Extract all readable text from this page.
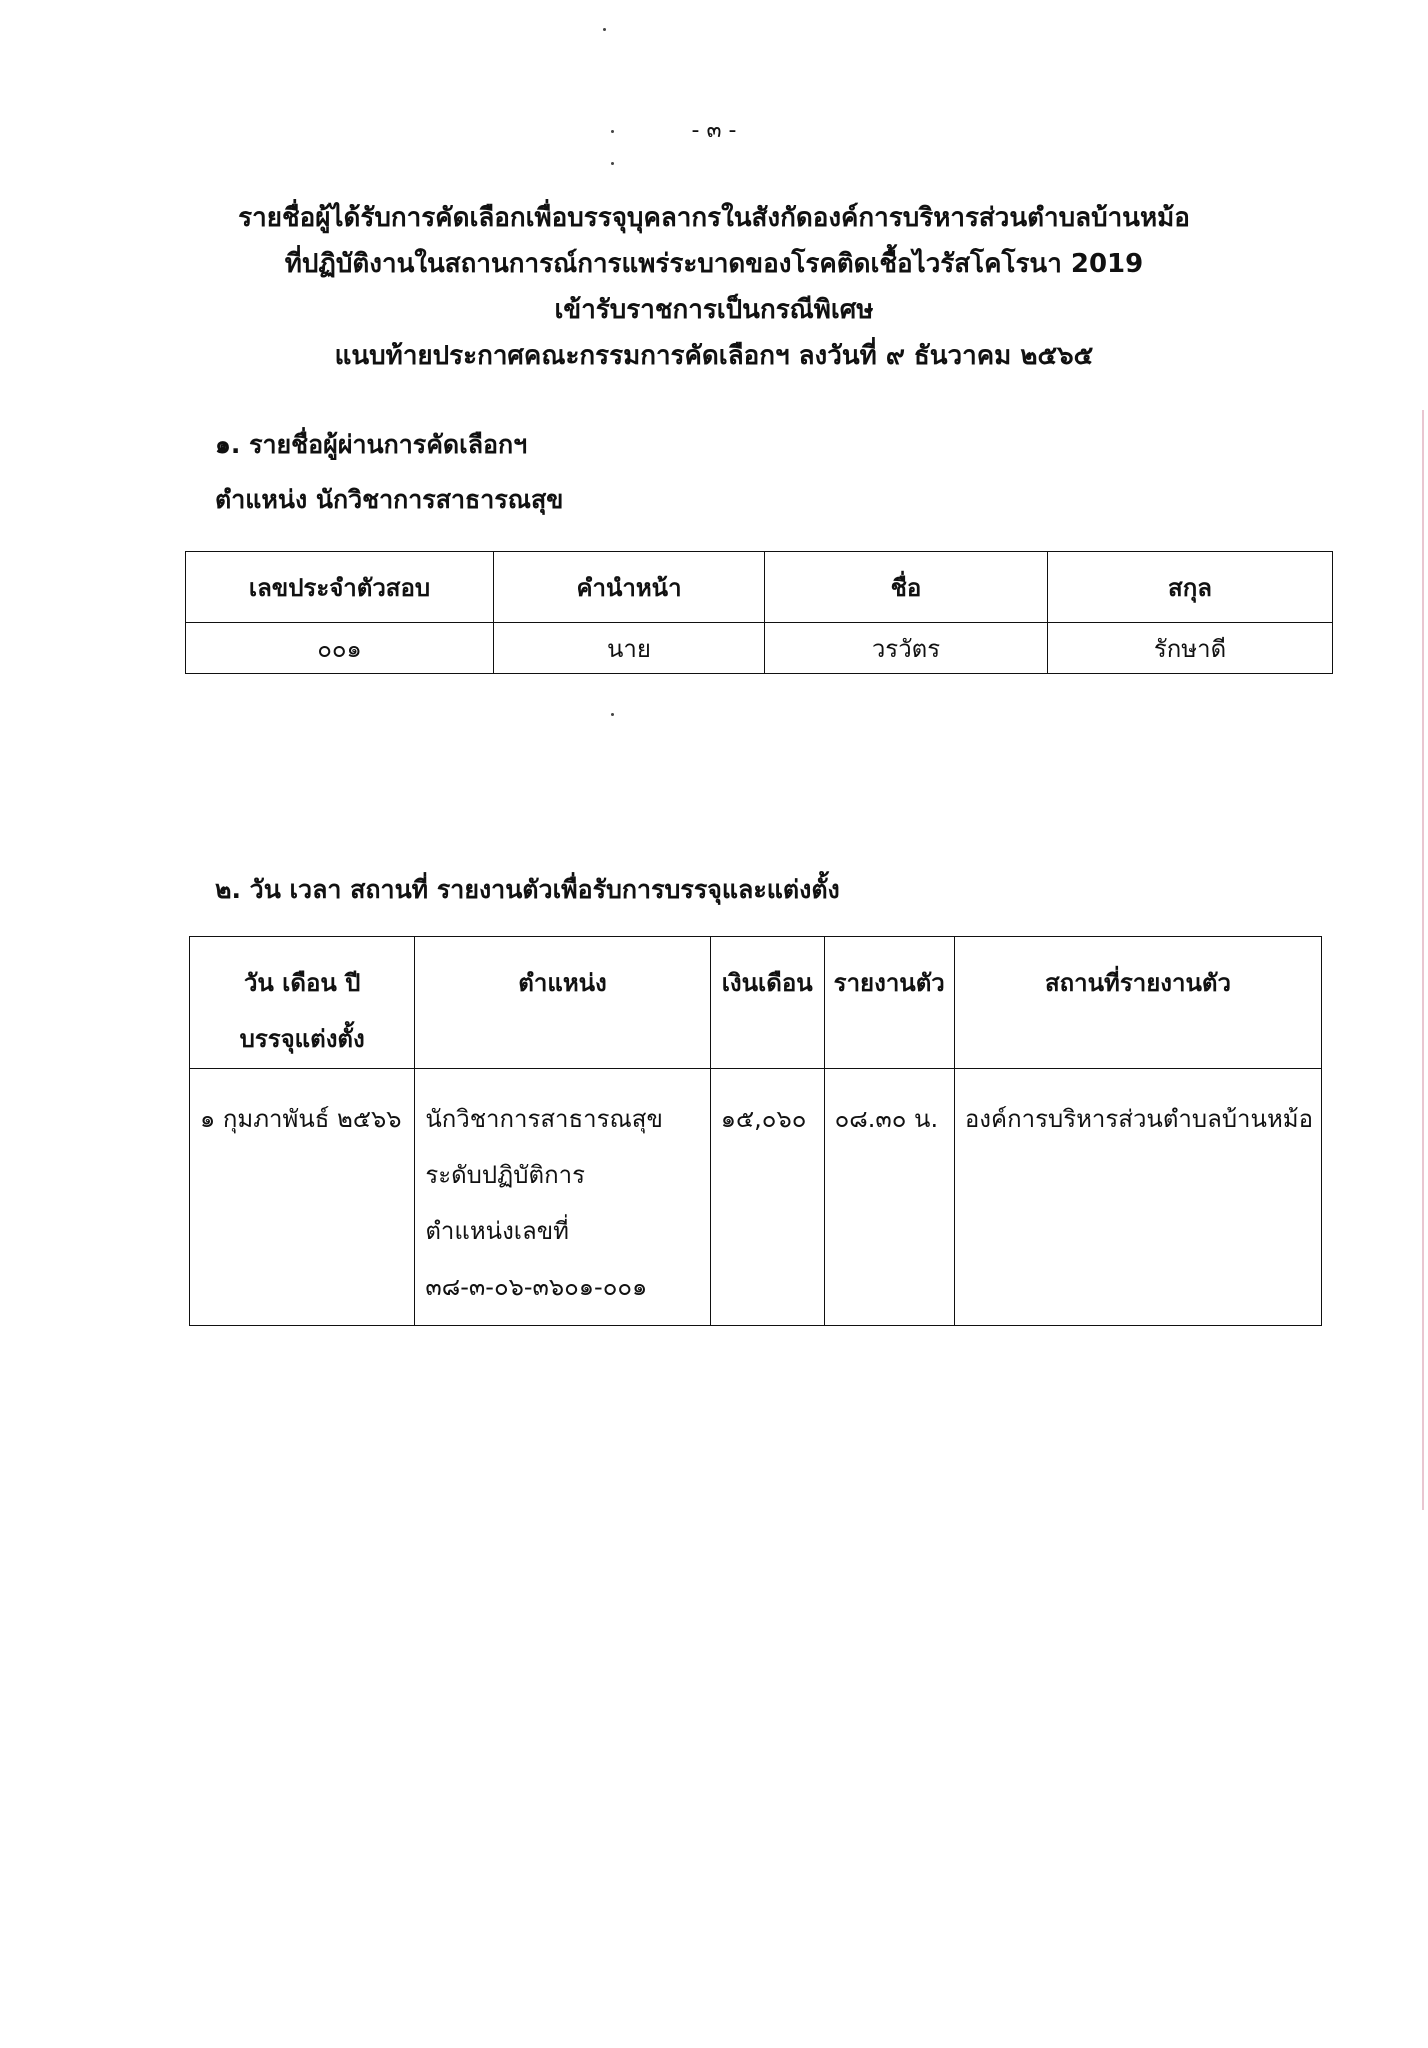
- ๓ -
รายชื่อผู้ได้รับการคัดเลือกเพื่อบรรจุบุคลากรในสังกัดองค์การบริหารส่วนตำบลบ้านหม้อ
ที่ปฏิบัติงานในสถานการณ์การแพร่ระบาดของโรคติดเชื้อไวรัสโคโรนา 2019
เข้ารับราชการเป็นกรณีพิเศษ
แนบท้ายประกาศคณะกรรมการคัดเลือกฯ ลงวันที่ ๙ ธันวาคม ๒๕๖๕
๑. รายชื่อผู้ผ่านการคัดเลือกฯ
ตำแหน่ง นักวิชาการสาธารณสุข
เลขประจำตัวสอบ	คำนำหน้า	ชื่อ	สกุล
๐๐๑	นาย	วรวัตร	รักษาดี
๒. วัน เวลา สถานที่ รายงานตัวเพื่อรับการบรรจุและแต่งตั้ง
วัน เดือน ปี
บรรจุแต่งตั้ง	ตำแหน่ง	เงินเดือน	รายงานตัว	สถานที่รายงานตัว
๑ กุมภาพันธ์ ๒๕๖๖	นักวิชาการสาธารณสุข
ระดับปฏิบัติการ
ตำแหน่งเลขที่
๓๘-๓-๐๖-๓๖๐๑-๐๐๑	๑๕,๐๖๐	๐๘.๓๐ น.	องค์การบริหารส่วนตำบลบ้านหม้อ
